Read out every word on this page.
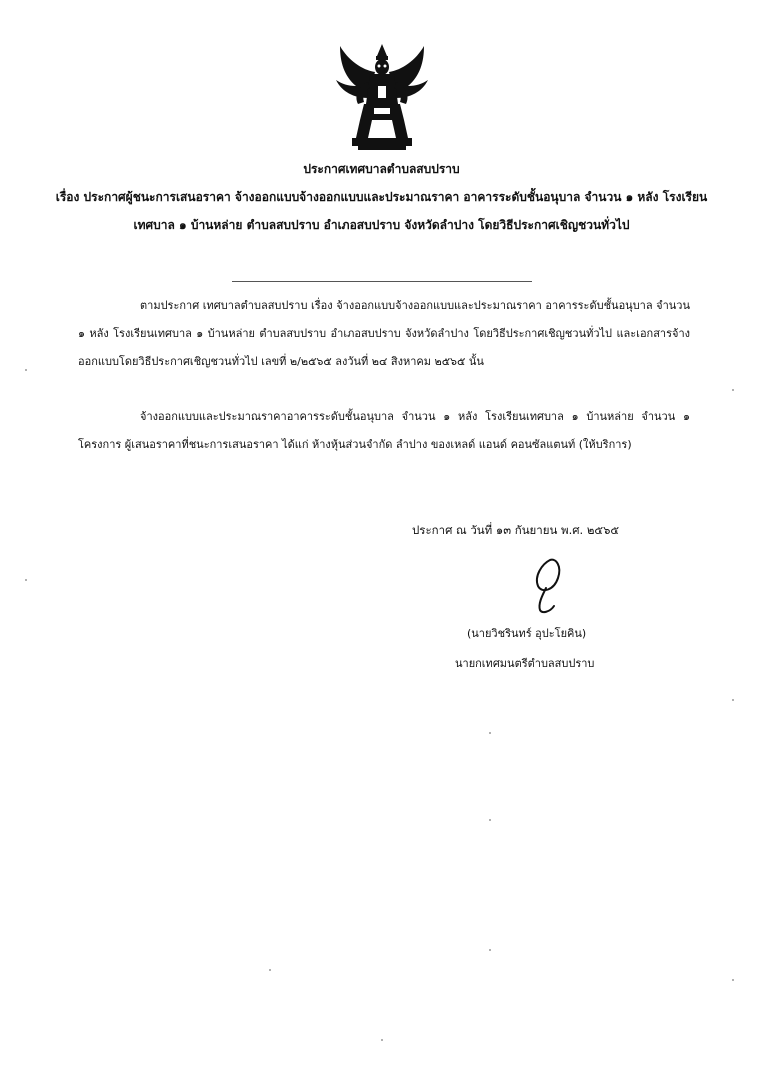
ประกาศเทศบาลตำบลสบปราบ
เรื่อง ประกาศผู้ชนะการเสนอราคา จ้างออกแบบจ้างออกแบบและประมาณราคา อาคารระดับชั้นอนุบาล จำนวน ๑ หลัง โรงเรียนเทศบาล ๑ บ้านหล่าย ตำบลสบปราบ อำเภอสบปราบ จังหวัดลำปาง โดยวิธีประกาศเชิญชวนทั่วไป
ตามประกาศ เทศบาลตำบลสบปราบ เรื่อง จ้างออกแบบจ้างออกแบบและประมาณราคา อาคารระดับชั้นอนุบาล จำนวน ๑ หลัง โรงเรียนเทศบาล ๑ บ้านหล่าย ตำบลสบปราบ อำเภอสบปราบ จังหวัดลำปาง โดยวิธีประกาศเชิญชวนทั่วไป และเอกสารจ้างออกแบบโดยวิธีประกาศเชิญชวนทั่วไป เลขที่ ๒/๒๕๖๕ ลงวันที่ ๒๔ สิงหาคม ๒๕๖๕ นั้น
จ้างออกแบบและประมาณราคาอาคารระดับชั้นอนุบาล จำนวน ๑ หลัง โรงเรียนเทศบาล ๑ บ้านหล่าย จำนวน ๑ โครงการ ผู้เสนอราคาที่ชนะการเสนอราคา ได้แก่ ห้างหุ้นส่วนจำกัด ลำปาง ของเหลด์ แอนด์ คอนซัลแตนท์ (ให้บริการ)
ประกาศ ณ วันที่ ๑๓ กันยายน พ.ศ. ๒๕๖๕
(นายวิชรินทร์ อุปะโยคิน)
นายกเทศมนตรีตำบลสบปราบ
